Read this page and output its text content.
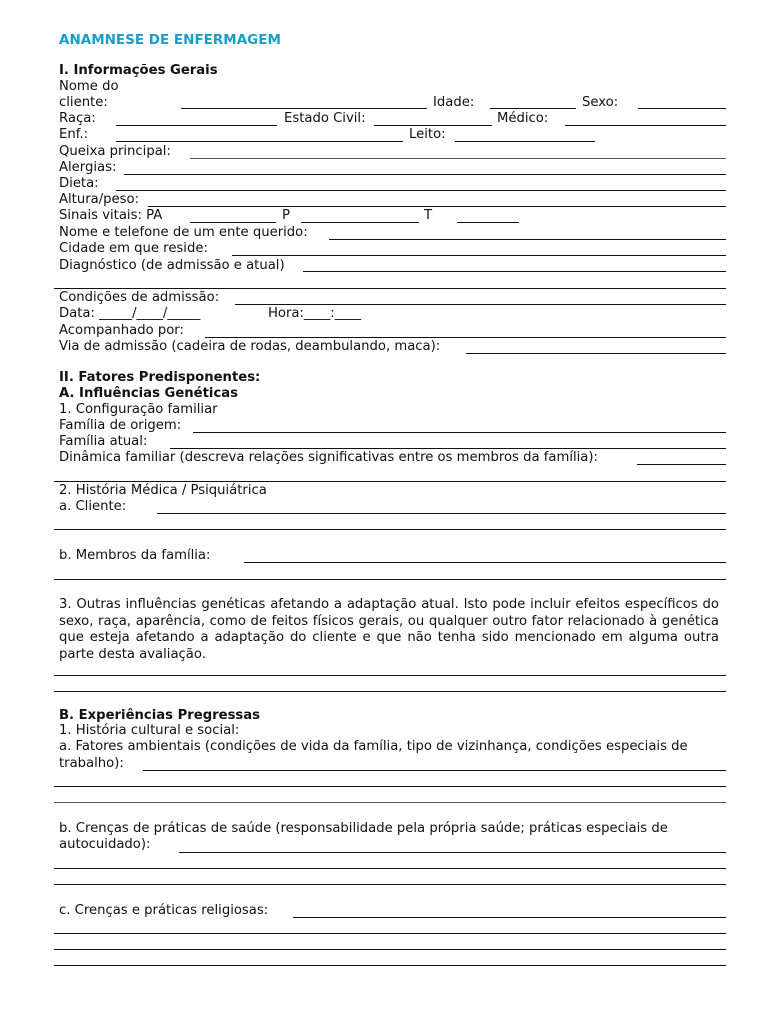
ANAMNESE DE ENFERMAGEM
I. Informações Gerais
Nome do
cliente:	Idade:	Sexo:
Raça:	Estado Civil:	Médico:
Enf.:	Leito:
Queixa principal:
Alergias:
Dieta:
Altura/peso:
Sinais vitais: PA	P	T
Nome e telefone de um ente querido:
Cidade em que reside:
Diagnóstico (de admissão e atual)
Condições de admissão:
Data: _____/____/_____	Hora:____:____
Acompanhado por:
Via de admissão (cadeira de rodas, deambulando, maca):
II. Fatores Predisponentes:
A. Influências Genéticas
1. Configuração familiar
Família de origem:
Família atual:
Dinâmica familiar (descreva relações significativas entre os membros da família):
2. História Médica / Psiquiátrica
a. Cliente:
b. Membros da família:
3. Outras influências genéticas afetando a adaptação atual. Isto pode incluir efeitos específicos do sexo, raça, aparência, como de feitos físicos gerais, ou qualquer outro fator relacionado à genética que esteja afetando a adaptação do cliente e que não tenha sido mencionado em alguma outra parte desta avaliação.
B. Experiências Pregressas
1. História cultural e social:
a. Fatores ambientais (condições de vida da família, tipo de vizinhança, condições especiais de
trabalho):
b. Crenças de práticas de saúde (responsabilidade pela própria saúde; práticas especiais de
autocuidado):
c. Crenças e práticas religiosas:
